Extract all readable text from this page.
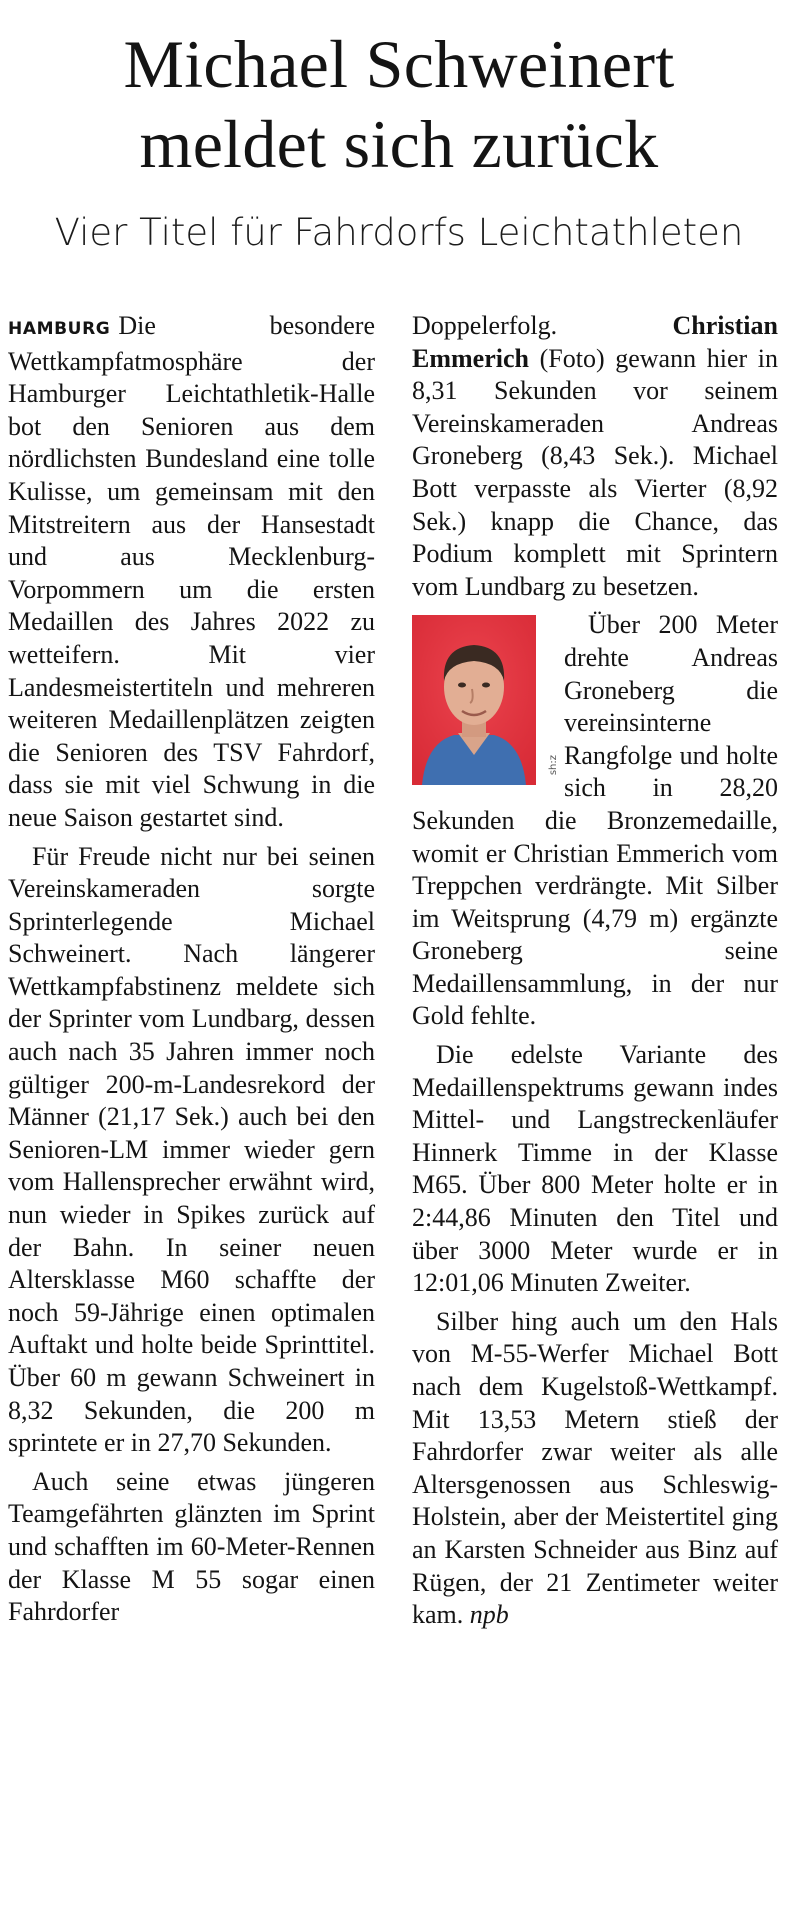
Michael Schweinert
meldet sich zurück
Vier Titel für Fahrdorfs Leichtathleten

HAMBURG Die besondere Wettkampfatmosphäre der Hamburger Leichtathletik-Halle bot den Senioren aus dem nördlichsten Bundesland eine tolle Kulisse, um gemeinsam mit den Mitstreitern aus der Hansestadt und aus Mecklenburg-Vorpommern um die ersten Medaillen des Jahres 2022 zu wetteifern. Mit vier Landesmeistertiteln und mehreren weiteren Medaillenplätzen zeigten die Senioren des TSV Fahrdorf, dass sie mit viel Schwung in die neue Saison gestartet sind.

Für Freude nicht nur bei seinen Vereinskameraden sorgte Sprinterlegende Michael Schweinert. Nach längerer Wettkampfabstinenz meldete sich der Sprinter vom Lundbarg, dessen auch nach 35 Jahren immer noch gültiger 200-m-Landesrekord der Männer (21,17 Sek.) auch bei den Senioren-LM immer wieder gern vom Hallensprecher erwähnt wird, nun wieder in Spikes zurück auf der Bahn. In seiner neuen Altersklasse M60 schaffte der noch 59-Jährige einen optimalen Auftakt und holte beide Sprinttitel. Über 60 m gewann Schweinert in 8,32 Sekunden, die 200 m sprintete er in 27,70 Sekunden.

Auch seine etwas jüngeren Teamgefährten glänzten im Sprint und schafften im 60-Meter-Rennen der Klasse M 55 sogar einen Fahrdorfer

Doppelerfolg.	Christian Emmerich (Foto) gewann hier in 8,31 Sekunden vor seinem Vereinskameraden Andreas Groneberg (8,43 Sek.). Michael Bott verpasste als Vierter (8,92 Sek.) knapp die Chance, das Podium komplett mit Sprintern vom Lundbarg zu besetzen.

sh:z
Über 200 Meter drehte Andreas Groneberg die vereinsinterne Rangfolge und holte sich in 28,20 Sekunden die Bronzemedaille, womit er Christian Emmerich vom Treppchen verdrängte. Mit Silber im Weitsprung (4,79 m) ergänzte Groneberg seine Medaillensammlung, in der nur Gold fehlte.

Die edelste Variante des Medaillenspektrums gewann indes Mittel- und Langstreckenläufer Hinnerk Timme in der Klasse M65. Über 800 Meter holte er in 2:44,86 Minuten den Titel und über 3000 Meter wurde er in 12:01,06 Minuten Zweiter.

Silber hing auch um den Hals von M-55-Werfer Michael Bott nach dem Kugelstoß-Wettkampf. Mit 13,53 Metern stieß der Fahrdorfer zwar weiter als alle Altersgenossen aus Schleswig-Holstein, aber der Meistertitel ging an Karsten Schneider aus Binz auf Rügen, der 21 Zentimeter weiter kam. npb
